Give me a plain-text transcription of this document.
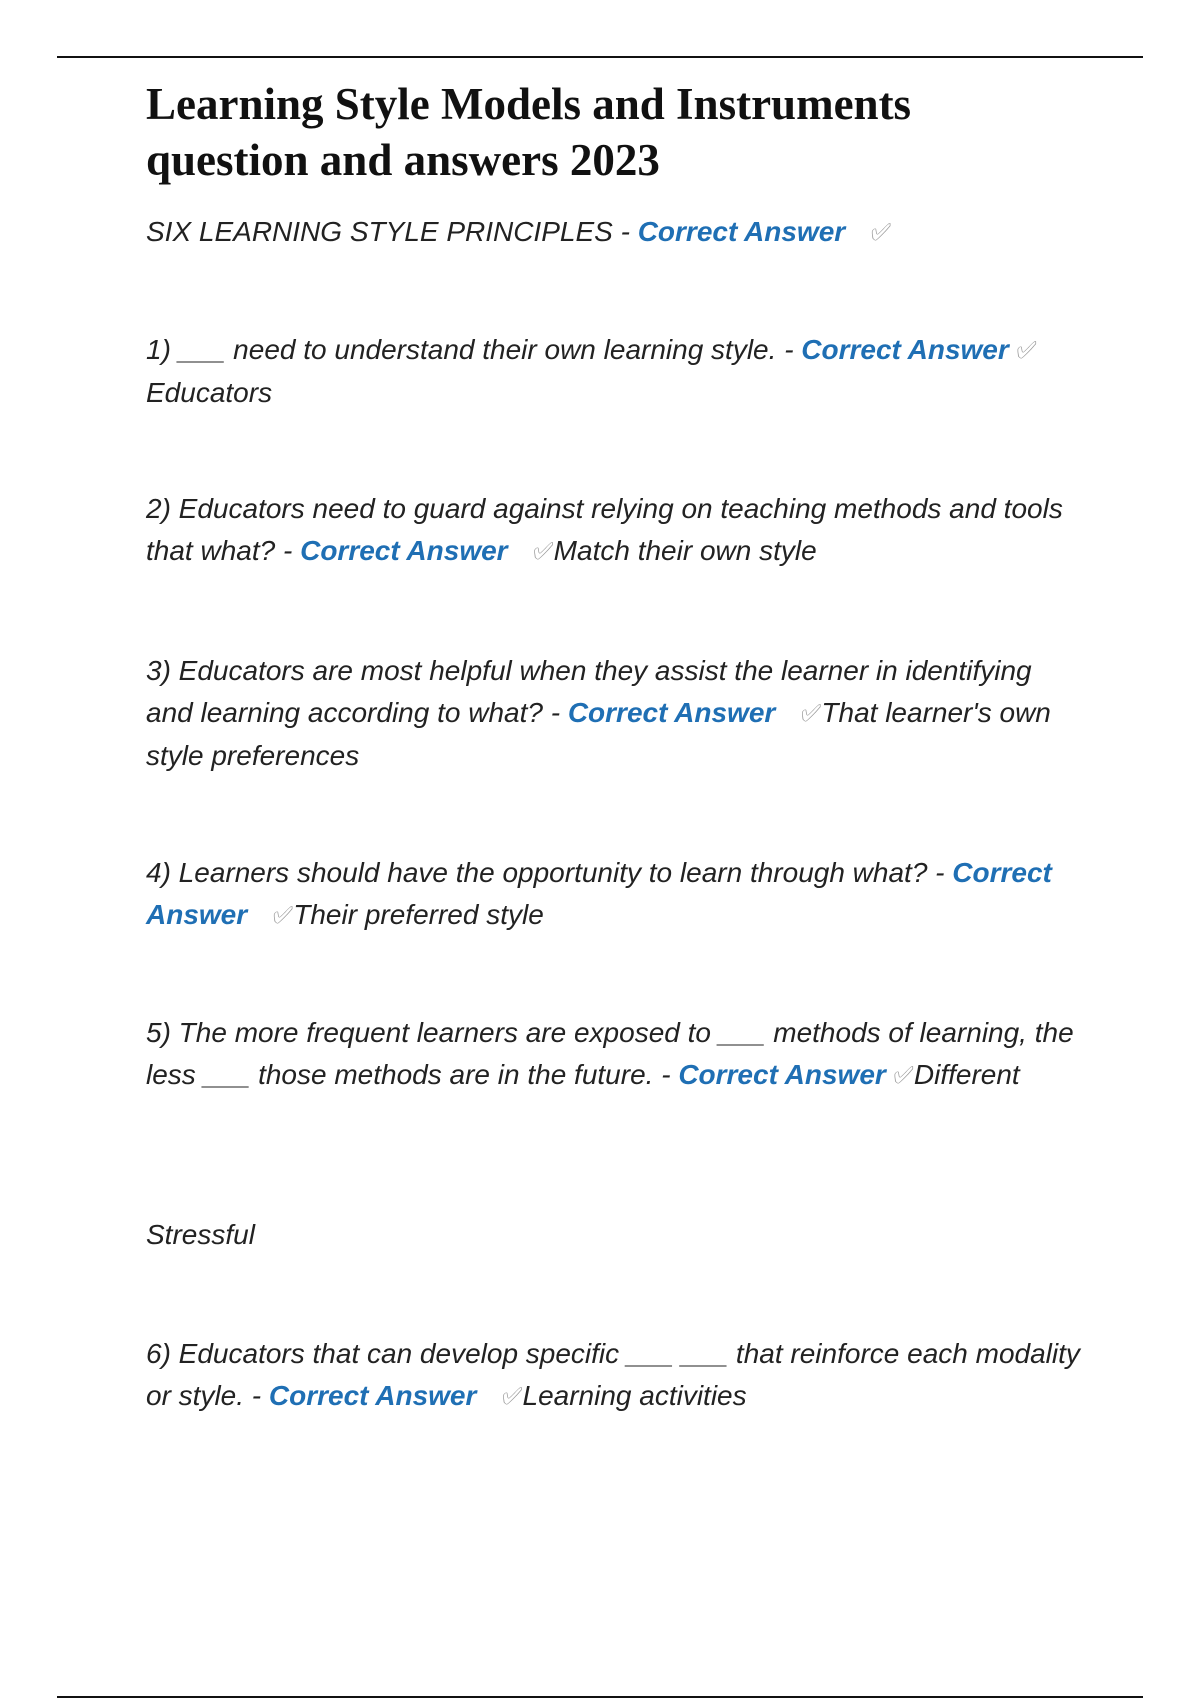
Learning Style Models and Instruments question and answers 2023

SIX LEARNING STYLE PRINCIPLES - Correct Answer ✅︎

1) ___ need to understand their own learning style. - Correct Answer ✅︎Educators

2) Educators need to guard against relying on teaching methods and tools that what? - Correct Answer ✅︎Match their own style

3) Educators are most helpful when they assist the learner in identifying and learning according to what? - Correct Answer ✅︎That learner's own style preferences

4) Learners should have the opportunity to learn through what? - Correct Answer ✅︎Their preferred style

5) The more frequent learners are exposed to ___ methods of learning, the less ___ those methods are in the future. - Correct Answer ✅︎Different

Stressful

6) Educators that can develop specific ___ ___ that reinforce each modality or style. - Correct Answer ✅︎Learning activities
